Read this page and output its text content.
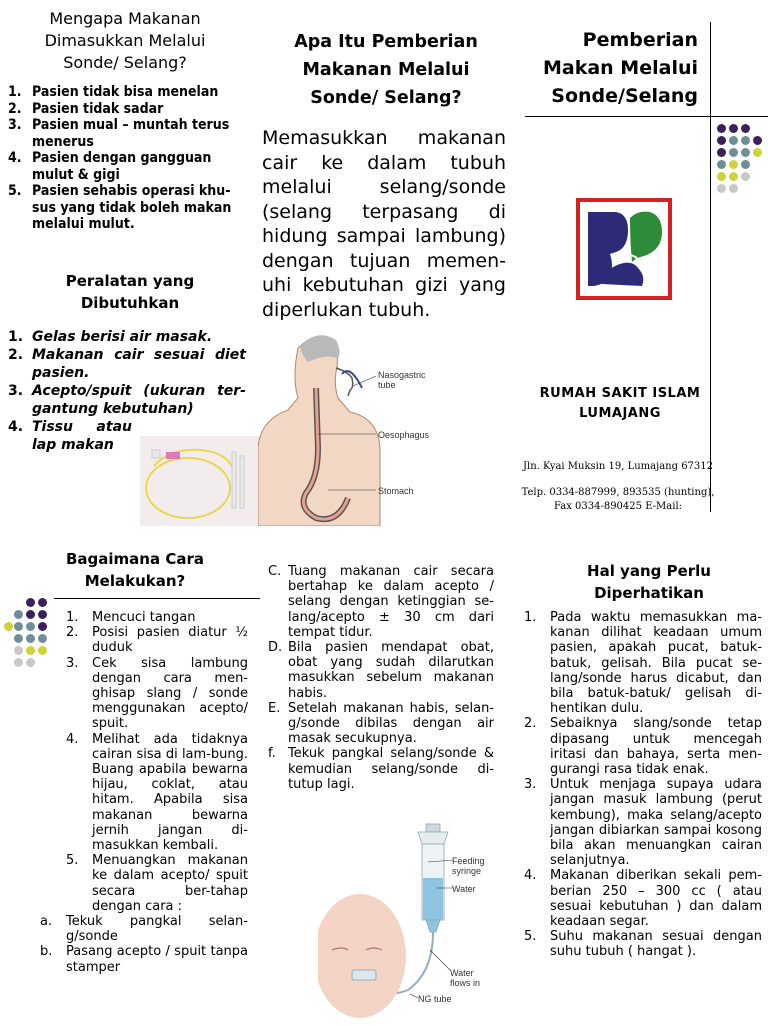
Mengapa Makanan Dimasukkan Melalui Sonde/ Selang?
1. Pasien tidak bisa menelan
2. Pasien tidak sadar
3. Pasien mual – muntah terus menerus
4. Pasien dengan gangguan mulut & gigi
5. Pasien sehabis operasi khu-sus yang tidak boleh makan melalui mulut.
Peralatan yang Dibutuhkan
1. Gelas berisi air masak.
2. Makanan cair sesuai diet pasien.
3. Acepto/spuit (ukuran ter-gantung kebutuhan)
4. Tissu atau lap makan
Apa Itu Pemberian Makanan Melalui Sonde/ Selang?
Memasukkan makanan cair ke dalam tubuh melalui selang/sonde (selang terpasang di hidung sampai lambung) dengan tujuan memen-uhi kebutuhan gizi yang diperlukan tubuh.
Nasogastric tube
Oesophagus
Stomach
Pemberian Makan Melalui Sonde/Selang
RUMAH SAKIT ISLAM LUMAJANG
Jln. Kyai Muksin 19, Lumajang 67312
Telp. 0334-887999, 893535 (hunting), Fax 0334-890425 E-Mail:
Bagaimana Cara Melakukan?
1. Mencuci tangan
2. Posisi pasien diatur ½ duduk
3. Cek sisa lambung dengan cara men-ghisap slang / sonde menggunakan acepto/ spuit.
4. Melihat ada tidaknya cairan sisa di lam-bung. Buang apabila bewarna hijau, coklat, atau hitam. Apabila sisa makanan bewarna jernih jangan di-masukkan kembali.
5. Menuangkan makanan ke dalam acepto/ spuit secara ber-tahap dengan cara :
a. Tekuk pangkal selan-g/sonde
b. Pasang acepto / spuit tanpa stamper
C. Tuang makanan cair secara bertahap ke dalam acepto / selang dengan ketinggian se-lang/acepto ± 30 cm dari tempat tidur.
D. Bila pasien mendapat obat, obat yang sudah dilarutkan masukkan sebelum makanan habis.
E. Setelah makanan habis, selan-g/sonde dibilas dengan air masak secukupnya.
f. Tekuk pangkal selang/sonde & kemudian selang/sonde di-tutup lagi.
Feeding syringe
Water
Water flows in
NG tube
Hal yang Perlu Diperhatikan
1. Pada waktu memasukkan ma-kanan dilihat keadaan umum pasien, apakah pucat, batuk-batuk, gelisah. Bila pucat se-lang/sonde harus dicabut, dan bila batuk-batuk/ gelisah di-hentikan dulu.
2. Sebaiknya slang/sonde tetap dipasang untuk mencegah iritasi dan bahaya, serta men-gurangi rasa tidak enak.
3. Untuk menjaga supaya udara jangan masuk lambung (perut kembung), maka selang/acepto jangan dibiarkan sampai kosong bila akan menuangkan cairan selanjutnya.
4. Makanan diberikan sekali pem-berian 250 – 300 cc ( atau sesuai kebutuhan ) dan dalam keadaan segar.
5. Suhu makanan sesuai dengan suhu tubuh ( hangat ).
